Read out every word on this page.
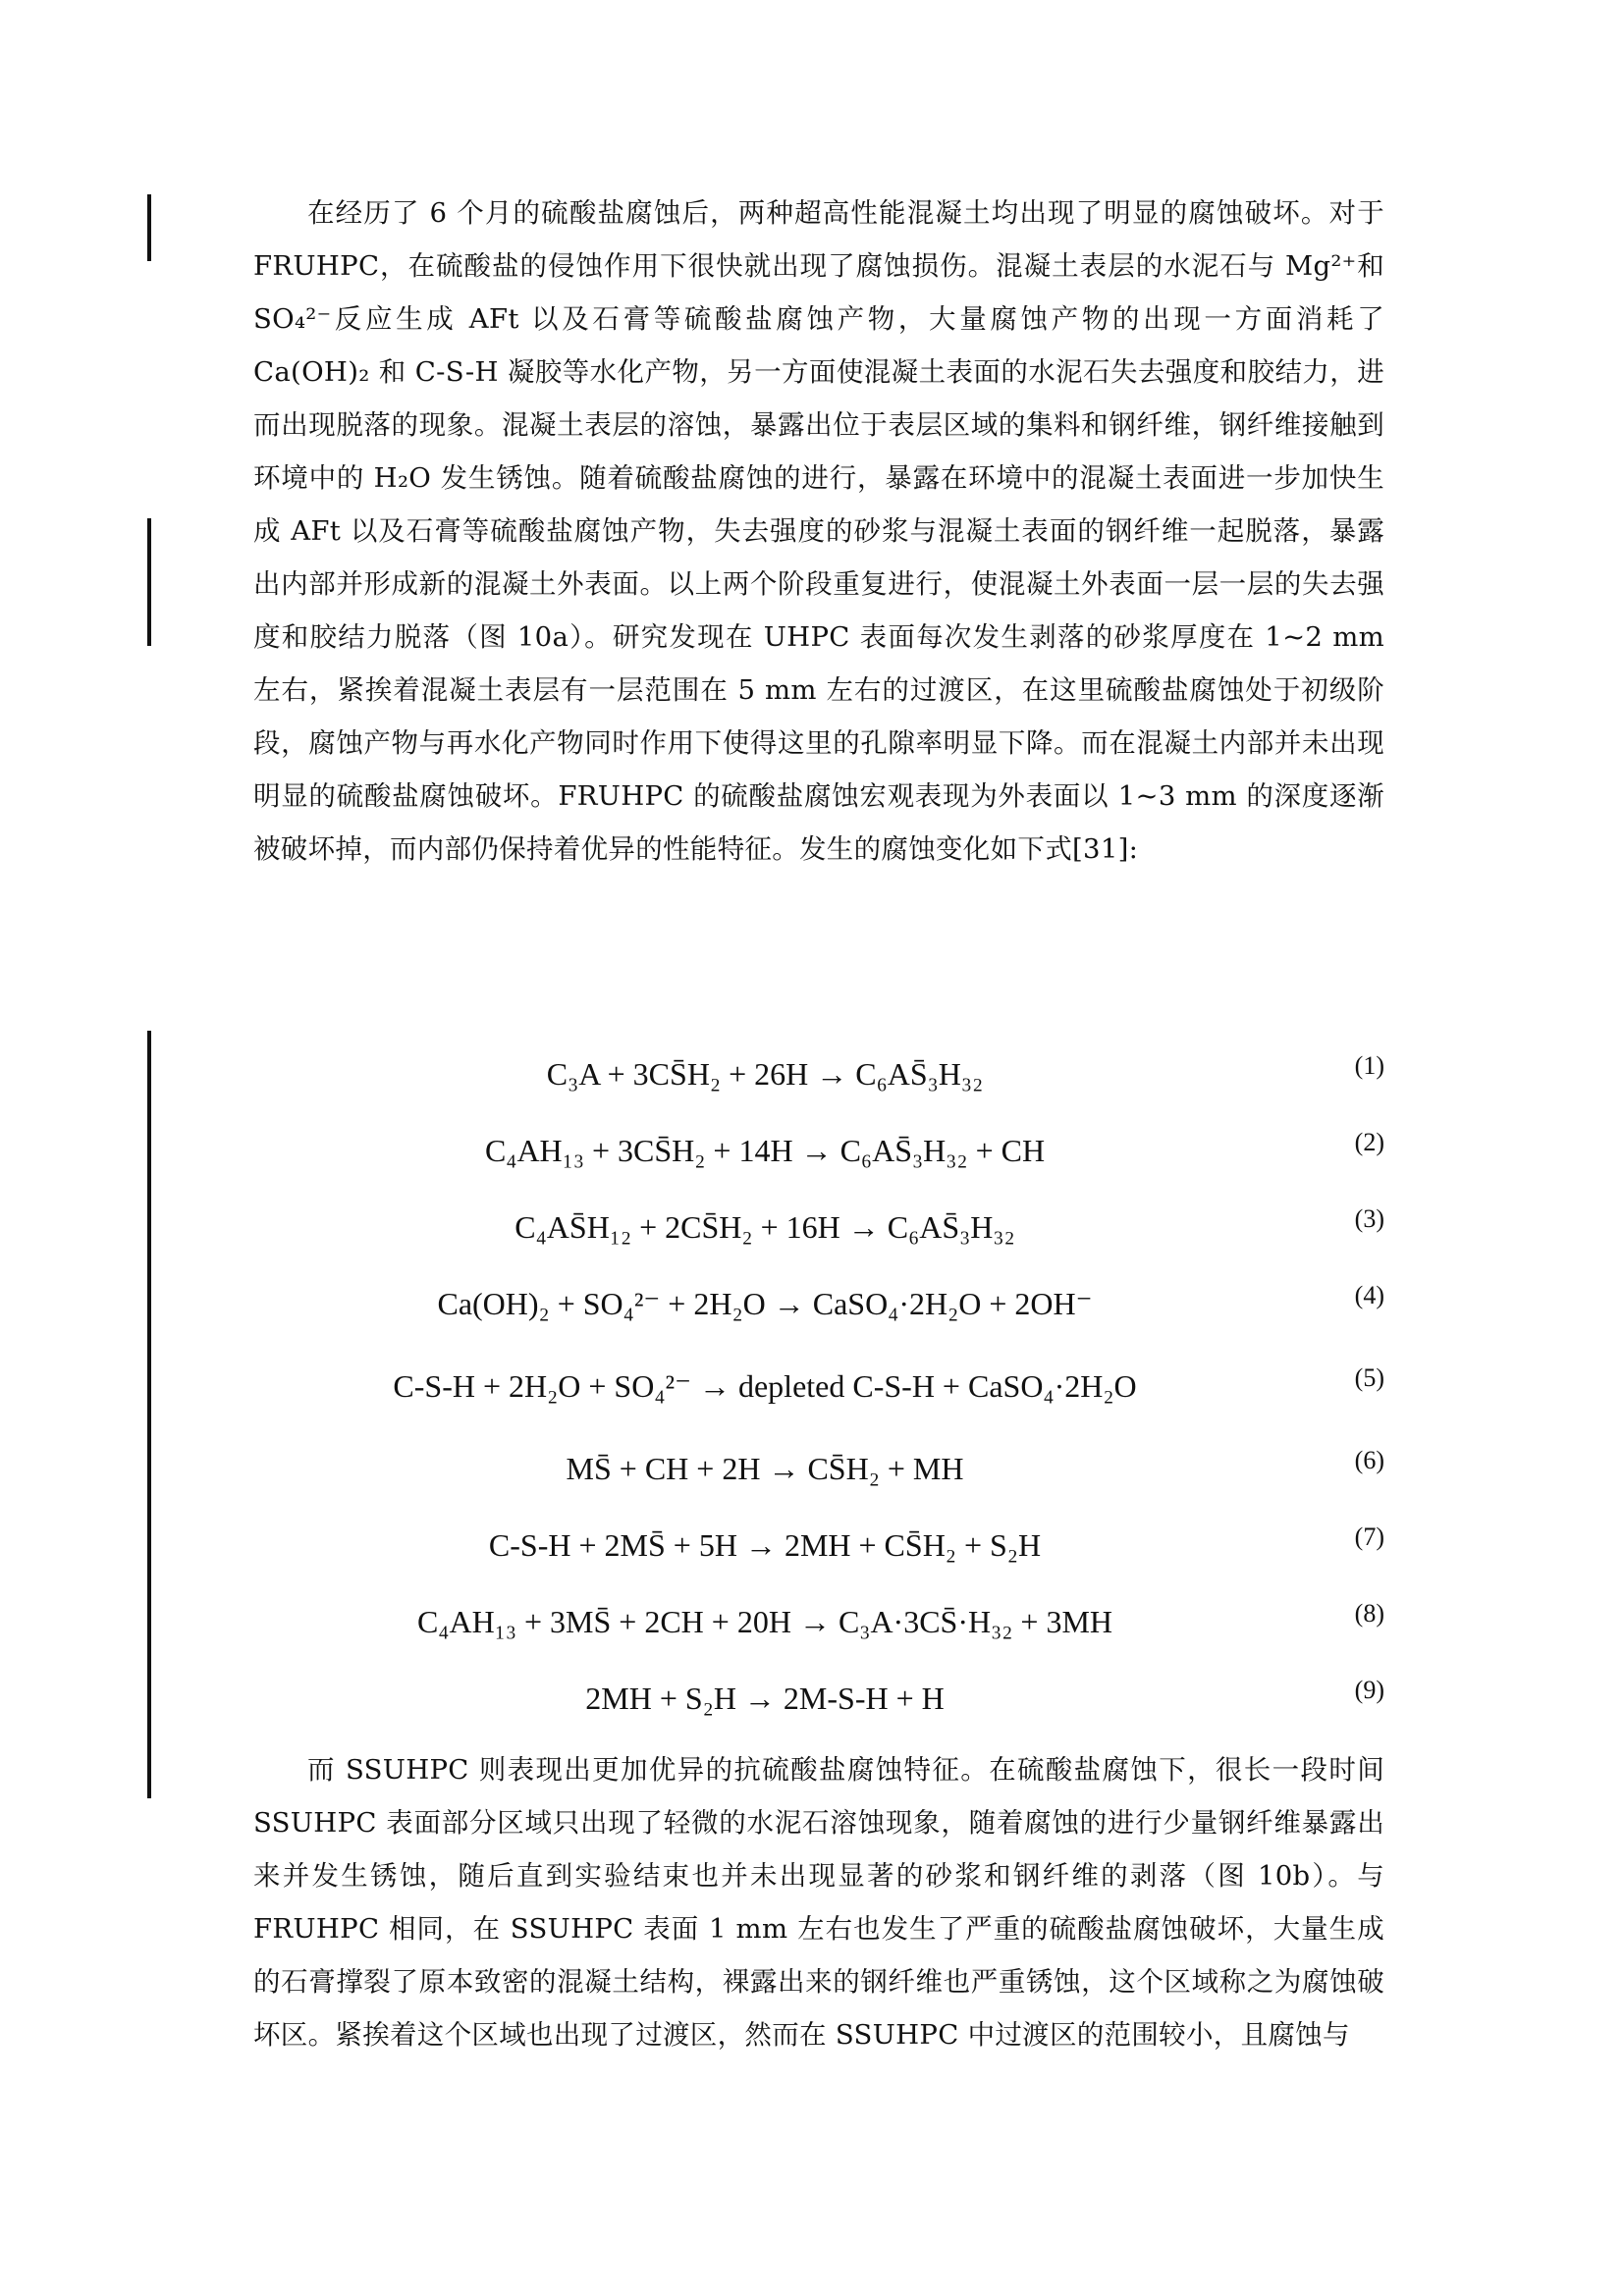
在经历了 6 个月的硫酸盐腐蚀后，两种超高性能混凝土均出现了明显的腐蚀破坏。对于 FRUHPC，在硫酸盐的侵蚀作用下很快就出现了腐蚀损伤。混凝土表层的水泥石与 Mg²⁺和 SO₄²⁻反应生成 AFt 以及石膏等硫酸盐腐蚀产物，大量腐蚀产物的出现一方面消耗了 Ca(OH)₂ 和 C-S-H 凝胶等水化产物，另一方面使混凝土表面的水泥石失去强度和胶结力，进而出现脱落的现象。混凝土表层的溶蚀，暴露出位于表层区域的集料和钢纤维，钢纤维接触到环境中的 H₂O 发生锈蚀。随着硫酸盐腐蚀的进行，暴露在环境中的混凝土表面进一步加快生成 AFt 以及石膏等硫酸盐腐蚀产物，失去强度的砂浆与混凝土表面的钢纤维一起脱落，暴露出内部并形成新的混凝土外表面。以上两个阶段重复进行，使混凝土外表面一层一层的失去强度和胶结力脱落（图 10a）。研究发现在 UHPC 表面每次发生剥落的砂浆厚度在 1~2 mm 左右，紧挨着混凝土表层有一层范围在 5 mm 左右的过渡区，在这里硫酸盐腐蚀处于初级阶段，腐蚀产物与再水化产物同时作用下使得这里的孔隙率明显下降。而在混凝土内部并未出现明显的硫酸盐腐蚀破坏。FRUHPC 的硫酸盐腐蚀宏观表现为外表面以 1~3 mm 的深度逐渐被破坏掉，而内部仍保持着优异的性能特征。发生的腐蚀变化如下式[31]:

C₃A + 3CS̄H₂ + 26H → C₆AS̄₃H₃₂	(1)
C₄AH₁₃ + 3CS̄H₂ + 14H → C₆AS̄₃H₃₂ + CH	(2)
C₄AS̄H₁₂ + 2CS̄H₂ + 16H → C₆AS̄₃H₃₂	(3)
Ca(OH)₂ + SO₄²⁻ + 2H₂O → CaSO₄·2H₂O + 2OH⁻	(4)
C-S-H + 2H₂O + SO₄²⁻ → depleted C-S-H + CaSO₄·2H₂O	(5)
MS̄ + CH + 2H → CS̄H₂ + MH	(6)
C-S-H + 2MS̄ + 5H → 2MH + CS̄H₂ + S₂H	(7)
C₄AH₁₃ + 3MS̄ + 2CH + 20H → C₃A·3CS̄·H₃₂ + 3MH	(8)
2MH + S₂H → 2M-S-H + H	(9)

而 SSUHPC 则表现出更加优异的抗硫酸盐腐蚀特征。在硫酸盐腐蚀下，很长一段时间 SSUHPC 表面部分区域只出现了轻微的水泥石溶蚀现象，随着腐蚀的进行少量钢纤维暴露出来并发生锈蚀，随后直到实验结束也并未出现显著的砂浆和钢纤维的剥落（图 10b）。与 FRUHPC 相同，在 SSUHPC 表面 1 mm 左右也发生了严重的硫酸盐腐蚀破坏，大量生成的石膏撑裂了原本致密的混凝土结构，裸露出来的钢纤维也严重锈蚀，这个区域称之为腐蚀破坏区。紧挨着这个区域也出现了过渡区，然而在 SSUHPC 中过渡区的范围较小，且腐蚀与
